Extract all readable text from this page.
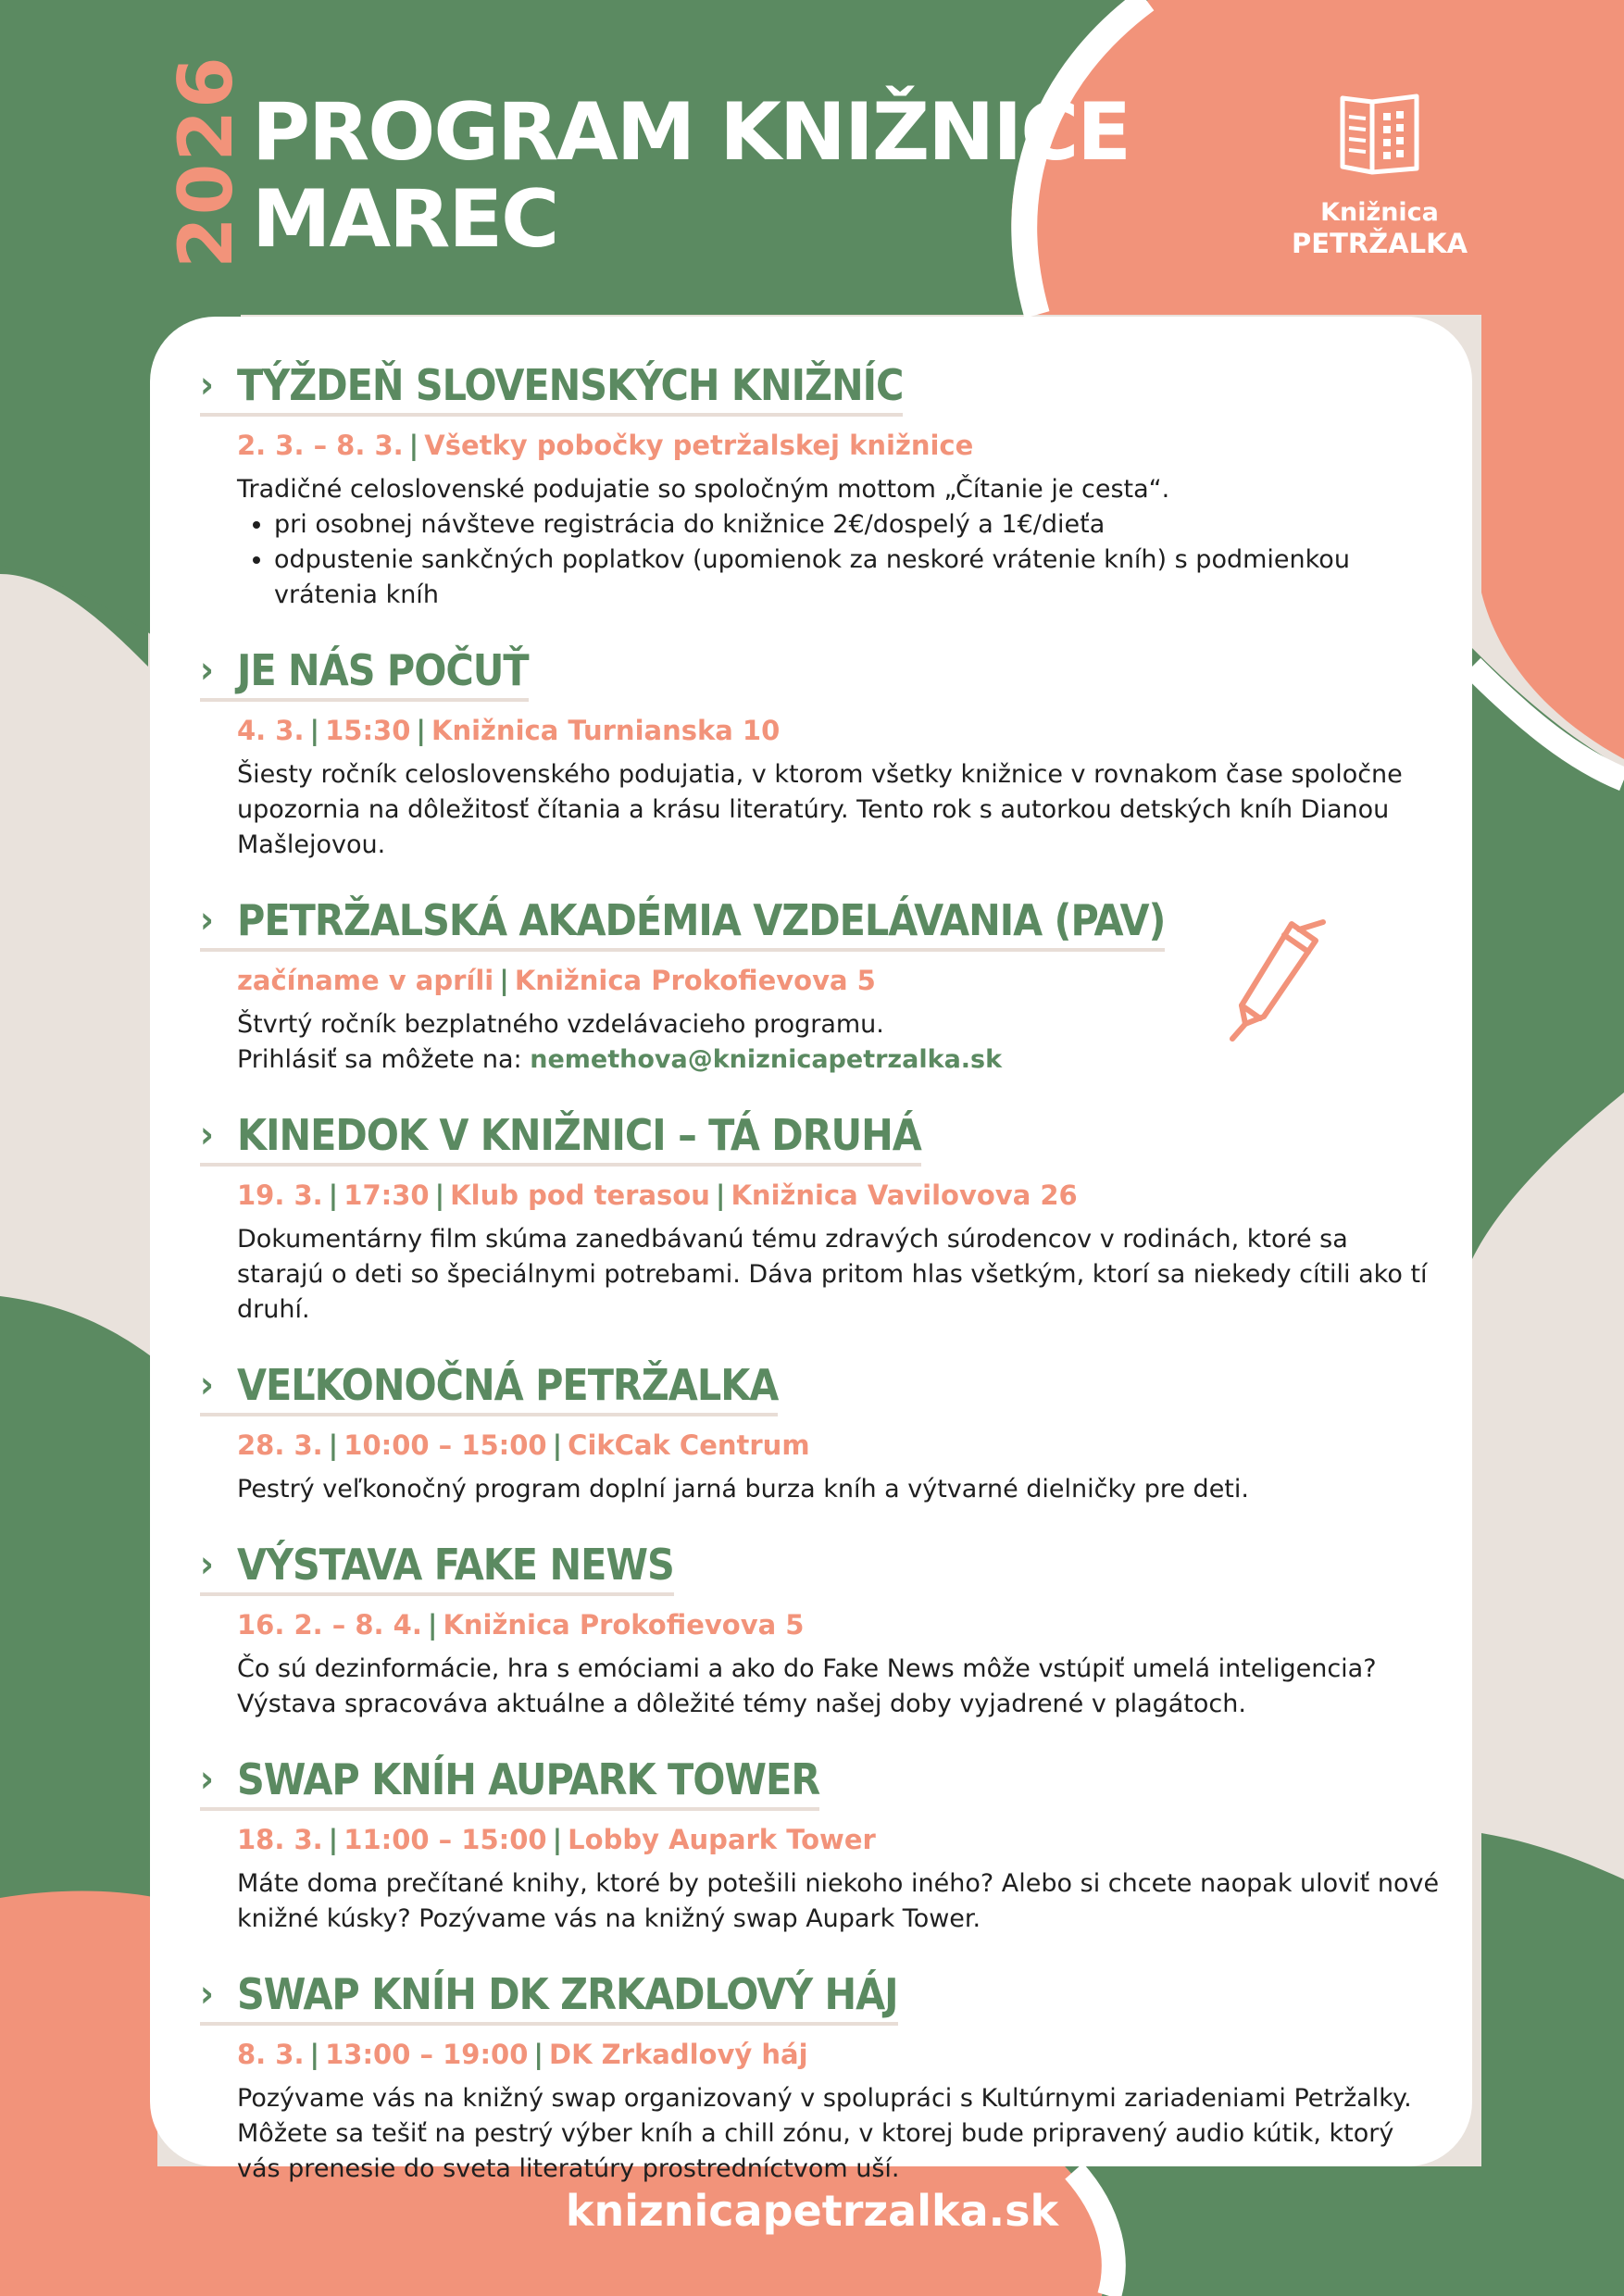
2026 PROGRAM KNIŽNICE
MAREC	Knižnica
PETRŽALKA
› TÝŽDEŇ SLOVENSKÝCH KNIŽNÍC
2. 3. – 8. 3. | Všetky pobočky petržalskej knižnice
Tradičné celoslovenské podujatie so spoločným mottom „Čítanie je cesta“.
• pri osobnej návšteve registrácia do knižnice 2€/dospelý a 1€/dieťa
• odpustenie sankčných poplatkov (upomienok za neskoré vrátenie kníh) s podmienkou vrátenia kníh
› JE NÁS POČUŤ
4. 3. | 15:30 | Knižnica Turnianska 10
Šiesty ročník celoslovenského podujatia, v ktorom všetky knižnice v rovnakom čase spoločne upozornia na dôležitosť čítania a krásu literatúry. Tento rok s autorkou detských kníh Dianou Mašlejovou.
› PETRŽALSKÁ AKADÉMIA VZDELÁVANIA (PAV)
začíname v apríli | Knižnica Prokofievova 5
Štvrtý ročník bezplatného vzdelávacieho programu.
Prihlásiť sa môžete na: nemethova@kniznicapetrzalka.sk
› KINEDOK V KNIŽNICI – TÁ DRUHÁ
19. 3. | 17:30 | Klub pod terasou | Knižnica Vavilovova 26
Dokumentárny film skúma zanedbávanú tému zdravých súrodencov v rodinách, ktoré sa starajú o deti so špeciálnymi potrebami. Dáva pritom hlas všetkým, ktorí sa niekedy cítili ako tí druhí.
› VEĽKONOČNÁ PETRŽALKA
28. 3. | 10:00 – 15:00 | CikCak Centrum
Pestrý veľkonočný program doplní jarná burza kníh a výtvarné dielničky pre deti.
› VÝSTAVA FAKE NEWS
16. 2. – 8. 4. | Knižnica Prokofievova 5
Čo sú dezinformácie, hra s emóciami a ako do Fake News môže vstúpiť umelá inteligencia? Výstava spracováva aktuálne a dôležité témy našej doby vyjadrené v plagátoch.
› SWAP KNÍH AUPARK TOWER
18. 3. | 11:00 – 15:00 | Lobby Aupark Tower
Máte doma prečítané knihy, ktoré by potešili niekoho iného? Alebo si chcete naopak uloviť nové knižné kúsky? Pozývame vás na knižný swap Aupark Tower.
› SWAP KNÍH DK ZRKADLOVÝ HÁJ
8. 3. | 13:00 – 19:00 | DK Zrkadlový háj
Pozývame vás na knižný swap organizovaný v spolupráci s Kultúrnymi zariadeniami Petržalky. Môžete sa tešiť na pestrý výber kníh a chill zónu, v ktorej bude pripravený audio kútik, ktorý vás prenesie do sveta literatúry prostredníctvom uší.
kniznicapetrzalka.sk
